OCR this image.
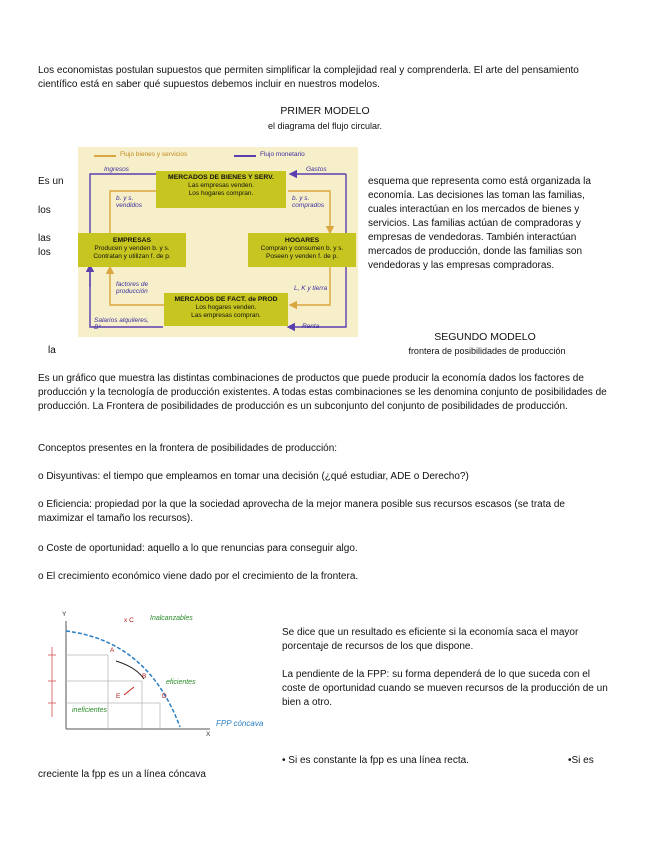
Los economistas postulan supuestos que permiten simplificar la complejidad real y comprenderla. El arte del pensamiento científico está en saber qué supuestos debemos incluir en nuestros modelos.
PRIMER MODELO
el diagrama del flujo circular.
Es un
los
las
los
la
Flujo bienes y servicios	Flujo monetario
MERCADOS DE BIENES Y SERV.
Las empresas venden.
Los hogares compran.
EMPRESAS
Producen y venden b. y s.
Contratan y utilizan f. de p.
HOGARES
Compran y consumen b. y s.
Poseen y venden f. de p.
MERCADOS DE FACT. de PROD
Los hogares venden.
Las empresas compran.
Ingresos	Gastos
b. y s. vendidos
b. y s. comprados
factores de producción	L, K y tierra
Salarios alquileres, B°	Renta
esquema que representa como está organizada la economía. Las decisiones las toman las familias, cuales interactúan en los mercados de bienes y servicios. Las familias actúan de compradoras y empresas de vendedoras. También interactúan mercados de producción, donde las familias son vendedoras y las empresas compradoras.
SEGUNDO MODELO
frontera de posibilidades de producción
Es un gráfico que muestra las distintas combinaciones de productos que puede producir la economía dados los factores de producción y la tecnología de producción existentes. A todas estas combinaciones se les denomina conjunto de posibilidades de producción. La Frontera de posibilidades de producción es un subconjunto del conjunto de posibilidades de producción.
Conceptos presentes en la frontera de posibilidades de producción:
o Disyuntivas: el tiempo que empleamos en tomar una decisión (¿qué estudiar, ADE o Derecho?)
o Eficiencia: propiedad por la que la sociedad aprovecha de la mejor manera posible sus recursos escasos (se trata de maximizar el tamaño los recursos).
o Coste de oportunidad: aquello a lo que renuncias para conseguir algo.
o El crecimiento económico viene dado por el crecimiento de la frontera.
Y
X
x C Inalcanzables
A
B
D
E
eficientes
ineficientes
FPP cóncava
Se dice que un resultado es eficiente si la economía saca el mayor porcentaje de recursos de los que dispone.
La pendiente de la FPP: su forma dependerá de lo que suceda con el coste de oportunidad cuando se mueven recursos de la producción de un bien a otro.
• Si es constante la fpp es una línea recta.	•Si es
creciente la fpp es un a línea cóncava
